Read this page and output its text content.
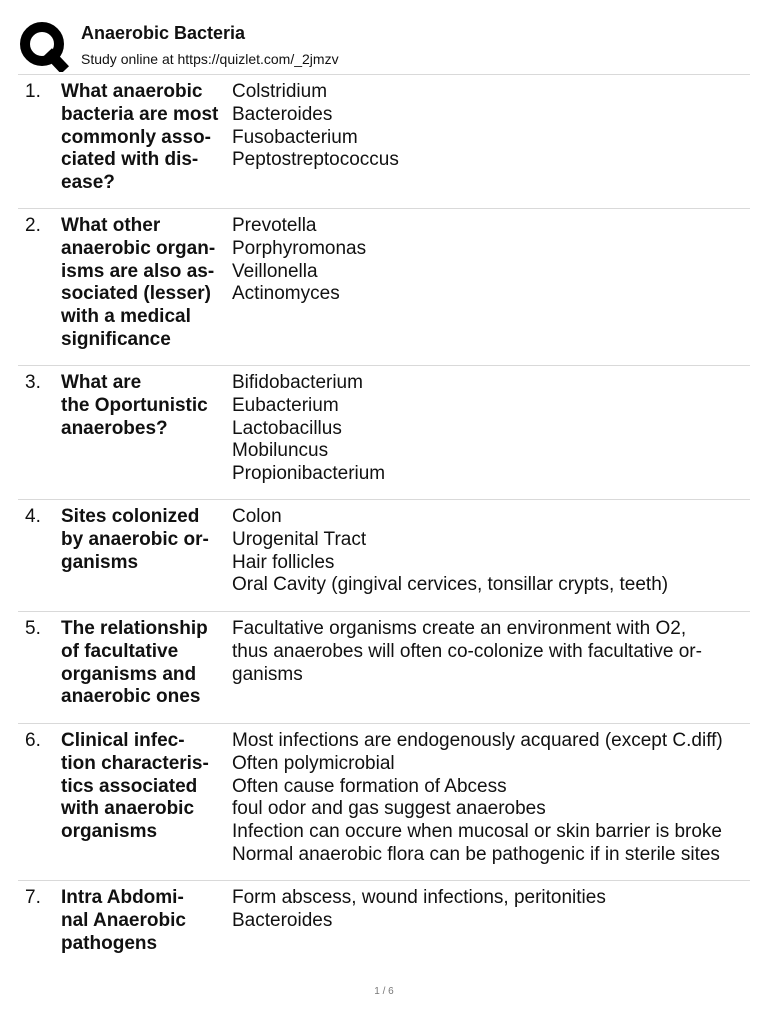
Anaerobic Bacteria
Study online at https://quizlet.com/_2jmzv
1. What anaerobic
bacteria are most
commonly asso-
ciated with dis-
ease?
Colstridium
Bacteroides
Fusobacterium
Peptostreptococcus
2. What other
anaerobic organ-
isms are also as-
sociated (lesser)
with a medical
significance
Prevotella
Porphyromonas
Veillonella
Actinomyces
3. What are
the Oportunistic
anaerobes?
Bifidobacterium
Eubacterium
Lactobacillus
Mobiluncus
Propionibacterium
4. Sites colonized
by anaerobic or-
ganisms
Colon
Urogenital Tract
Hair follicles
Oral Cavity (gingival cervices, tonsillar crypts, teeth)
5. The relationship
of facultative
organisms and
anaerobic ones
Facultative organisms create an environment with O2,
thus anaerobes will often co-colonize with facultative or-
ganisms
6. Clinical infec-
tion characteris-
tics associated
with anaerobic
organisms
Most infections are endogenously acquared (except C.diff)
Often polymicrobial
Often cause formation of Abcess
foul odor and gas suggest anaerobes
Infection can occure when mucosal or skin barrier is broke
Normal anaerobic flora can be pathogenic if in sterile sites
7. Intra Abdomi-
nal Anaerobic
pathogens
Form abscess, wound infections, peritonities
Bacteroides
1 / 6
